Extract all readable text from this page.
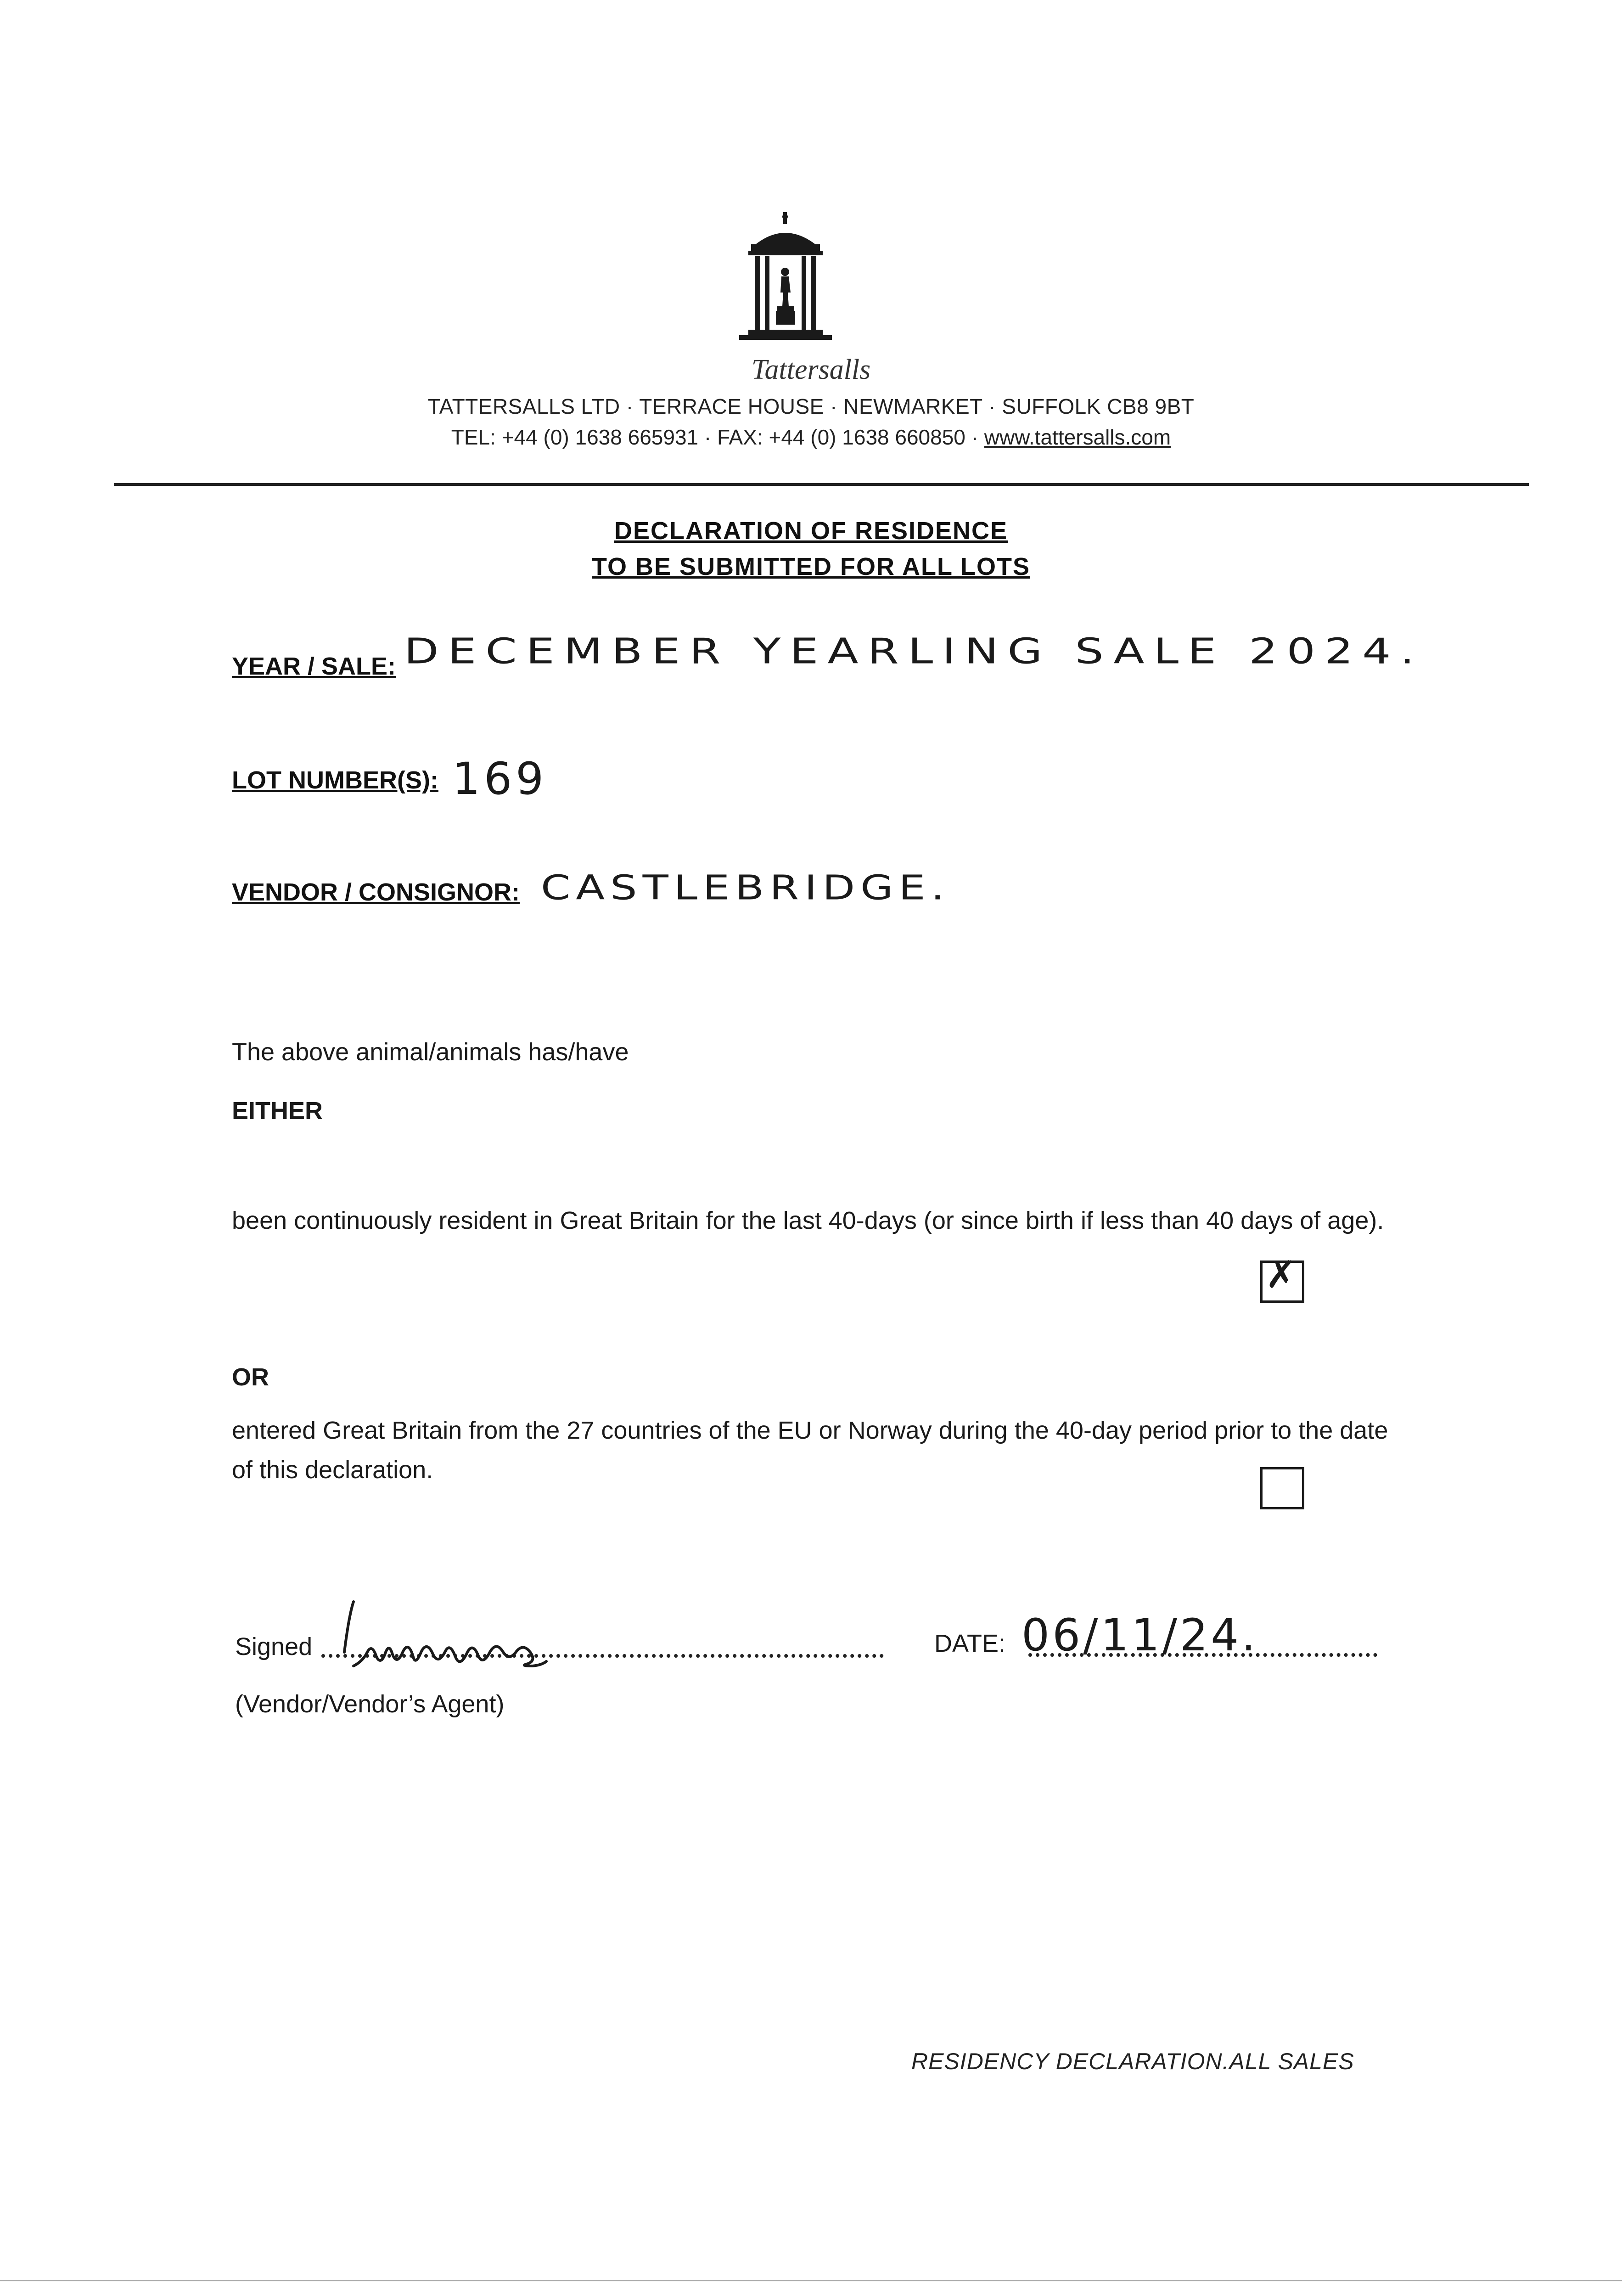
Tattersalls
TATTERSALLS LTD · TERRACE HOUSE · NEWMARKET · SUFFOLK CB8 9BT
TEL: +44 (0) 1638 665931 · FAX: +44 (0) 1638 660850 · www.tattersalls.com
DECLARATION OF RESIDENCE
TO BE SUBMITTED FOR ALL LOTS
YEAR / SALE: DECEMBER YEARLING SALE 2024.
LOT NUMBER(S): 169
VENDOR / CONSIGNOR: CASTLEBRIDGE.
The above animal/animals has/have
EITHER
been continuously resident in Great Britain for the last 40-days (or since birth if less than 40 days of age).
✗
OR
entered Great Britain from the 27 countries of the EU or Norway during the 40-day period prior to the date of this declaration.
Signed	DATE: 06/11/24.
(Vendor/Vendor’s Agent)
RESIDENCY DECLARATION.ALL SALES
